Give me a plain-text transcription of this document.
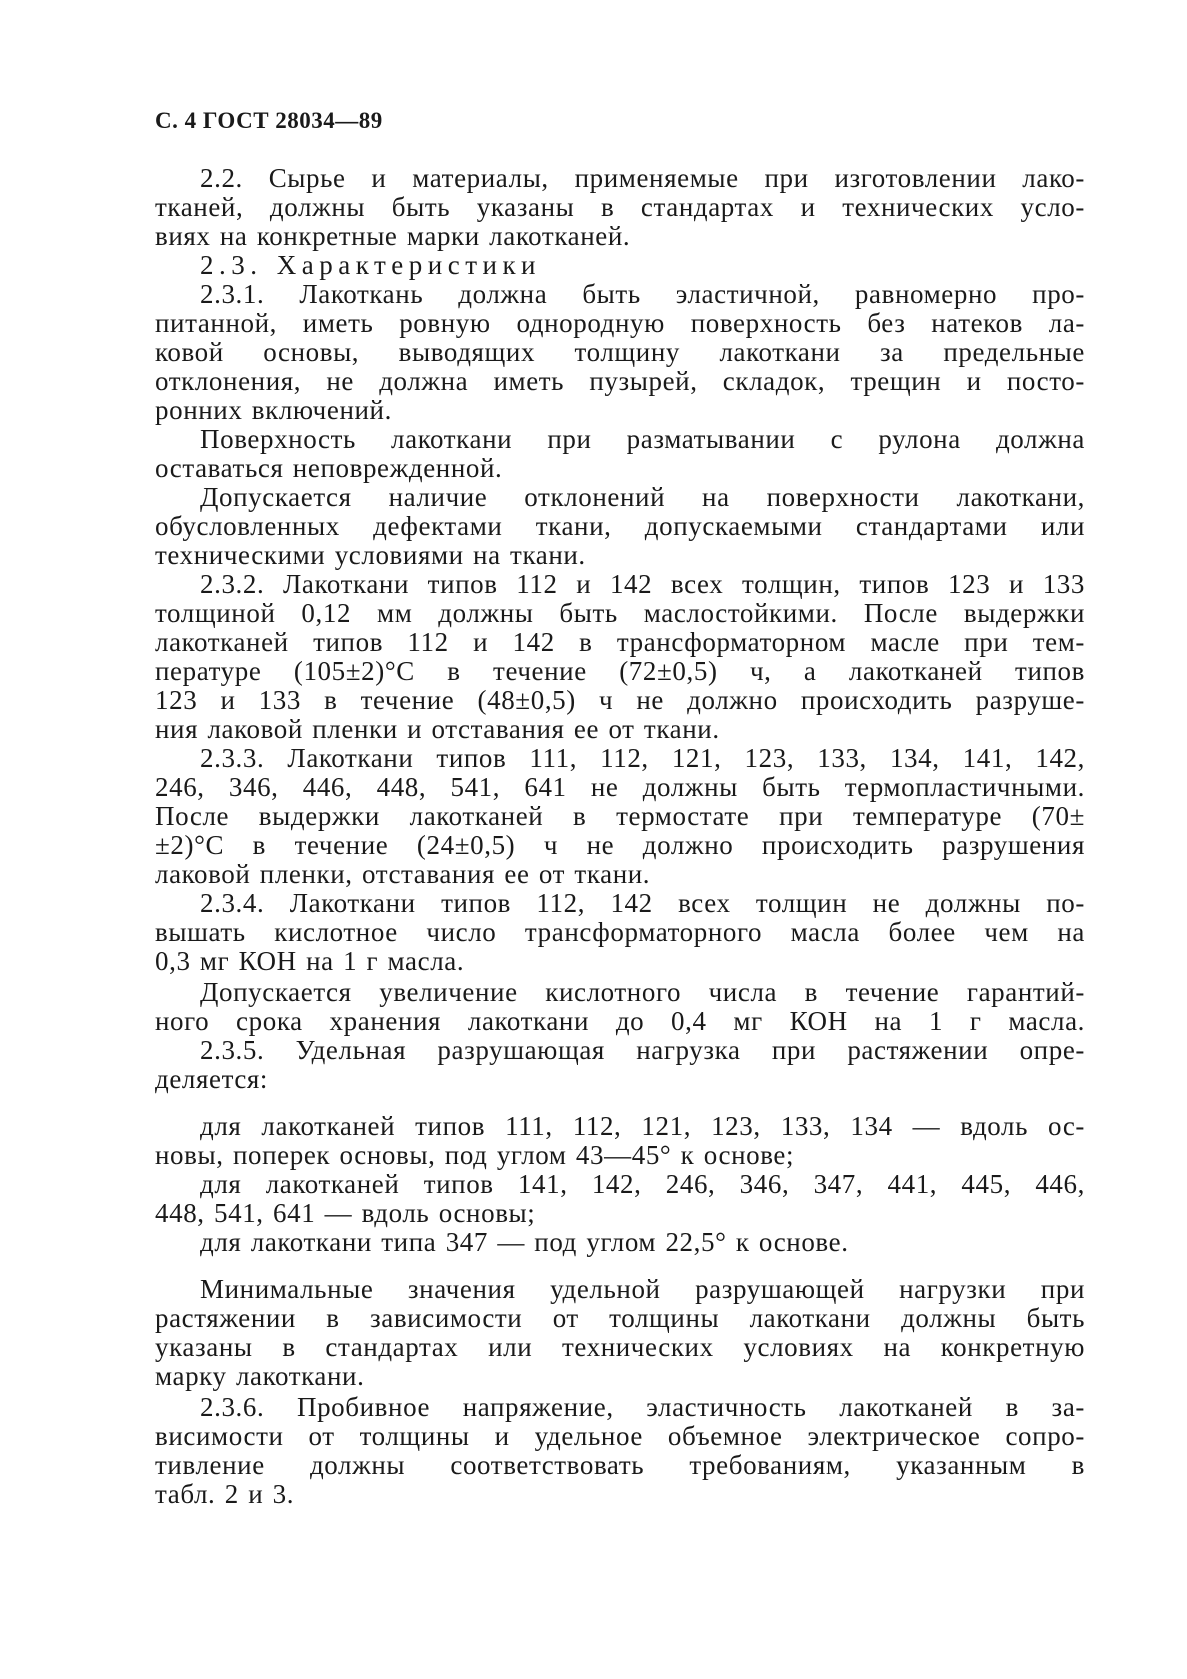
С. 4 ГОСТ 28034—89
2.2. Сырье и материалы, применяемые при изготовлении лако-
тканей, должны быть указаны в стандартах и технических усло-
виях на конкретные марки лакотканей.
2.3. Характеристики
2.3.1. Лакоткань должна быть эластичной, равномерно про-
питанной, иметь ровную однородную поверхность без натеков ла-
ковой основы, выводящих толщину лакоткани за предельные
отклонения, не должна иметь пузырей, складок, трещин и посто-
ронних включений.
Поверхность лакоткани при разматывании с рулона должна
оставаться неповрежденной.
Допускается наличие отклонений на поверхности лакоткани,
обусловленных дефектами ткани, допускаемыми стандартами или
техническими условиями на ткани.
2.3.2. Лакоткани типов 112 и 142 всех толщин, типов 123 и 133
толщиной 0,12 мм должны быть маслостойкими. После выдержки
лакотканей типов 112 и 142 в трансформаторном масле при тем-
пературе (105±2)°С в течение (72±0,5) ч, а лакотканей типов
123 и 133 в течение (48±0,5) ч не должно происходить разруше-
ния лаковой пленки и отставания ее от ткани.
2.3.3. Лакоткани типов 111, 112, 121, 123, 133, 134, 141, 142,
246, 346, 446, 448, 541, 641 не должны быть термопластичными.
После выдержки лакотканей в термостате при температуре (70±
±2)°С в течение (24±0,5) ч не должно происходить разрушения
лаковой пленки, отставания ее от ткани.
2.3.4. Лакоткани типов 112, 142 всех толщин не должны по-
вышать кислотное число трансформаторного масла более чем на
0,3 мг КОН на 1 г масла.
Допускается увеличение кислотного числа в течение гарантий-
ного срока хранения лакоткани до 0,4 мг КОН на 1 г масла.
2.3.5. Удельная разрушающая нагрузка при растяжении опре-
деляется:
для лакотканей типов 111, 112, 121, 123, 133, 134 — вдоль ос-
новы, поперек основы, под углом 43—45° к основе;
для лакотканей типов 141, 142, 246, 346, 347, 441, 445, 446,
448, 541, 641 — вдоль основы;
для лакоткани типа 347 — под углом 22,5° к основе.
Минимальные значения удельной разрушающей нагрузки при
растяжении в зависимости от толщины лакоткани должны быть
указаны в стандартах или технических условиях на конкретную
марку лакоткани.
2.3.6. Пробивное напряжение, эластичность лакотканей в за-
висимости от толщины и удельное объемное электрическое сопро-
тивление должны соответствовать требованиям, указанным в
табл. 2 и 3.
